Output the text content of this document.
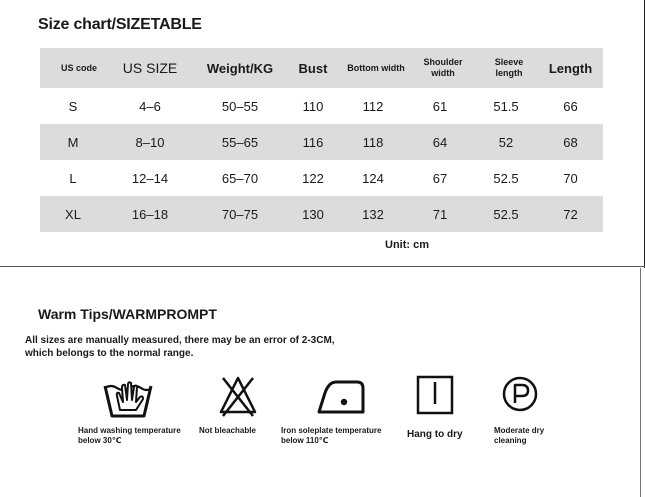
Size chart/SIZETABLE
US code	US SIZE	Weight/KG	Bust	Bottom width	Shoulder width	Sleeve length	Length
S	4–6	50–55	110	112	61	51.5	66
M	8–10	55–65	116	118	64	52	68
L	12–14	65–70	122	124	67	52.5	70
XL	16–18	70–75	130	132	71	52.5	72
Unit: cm
Warm Tips/WARMPROMPT
All sizes are manually measured, there may be an error of 2-3CM,
which belongs to the normal range.
Hand washing temperature
below 30℃
Not bleachable	Iron soleplate temperature
below 110℃
Hang to dry	Moderate dry
cleaning
